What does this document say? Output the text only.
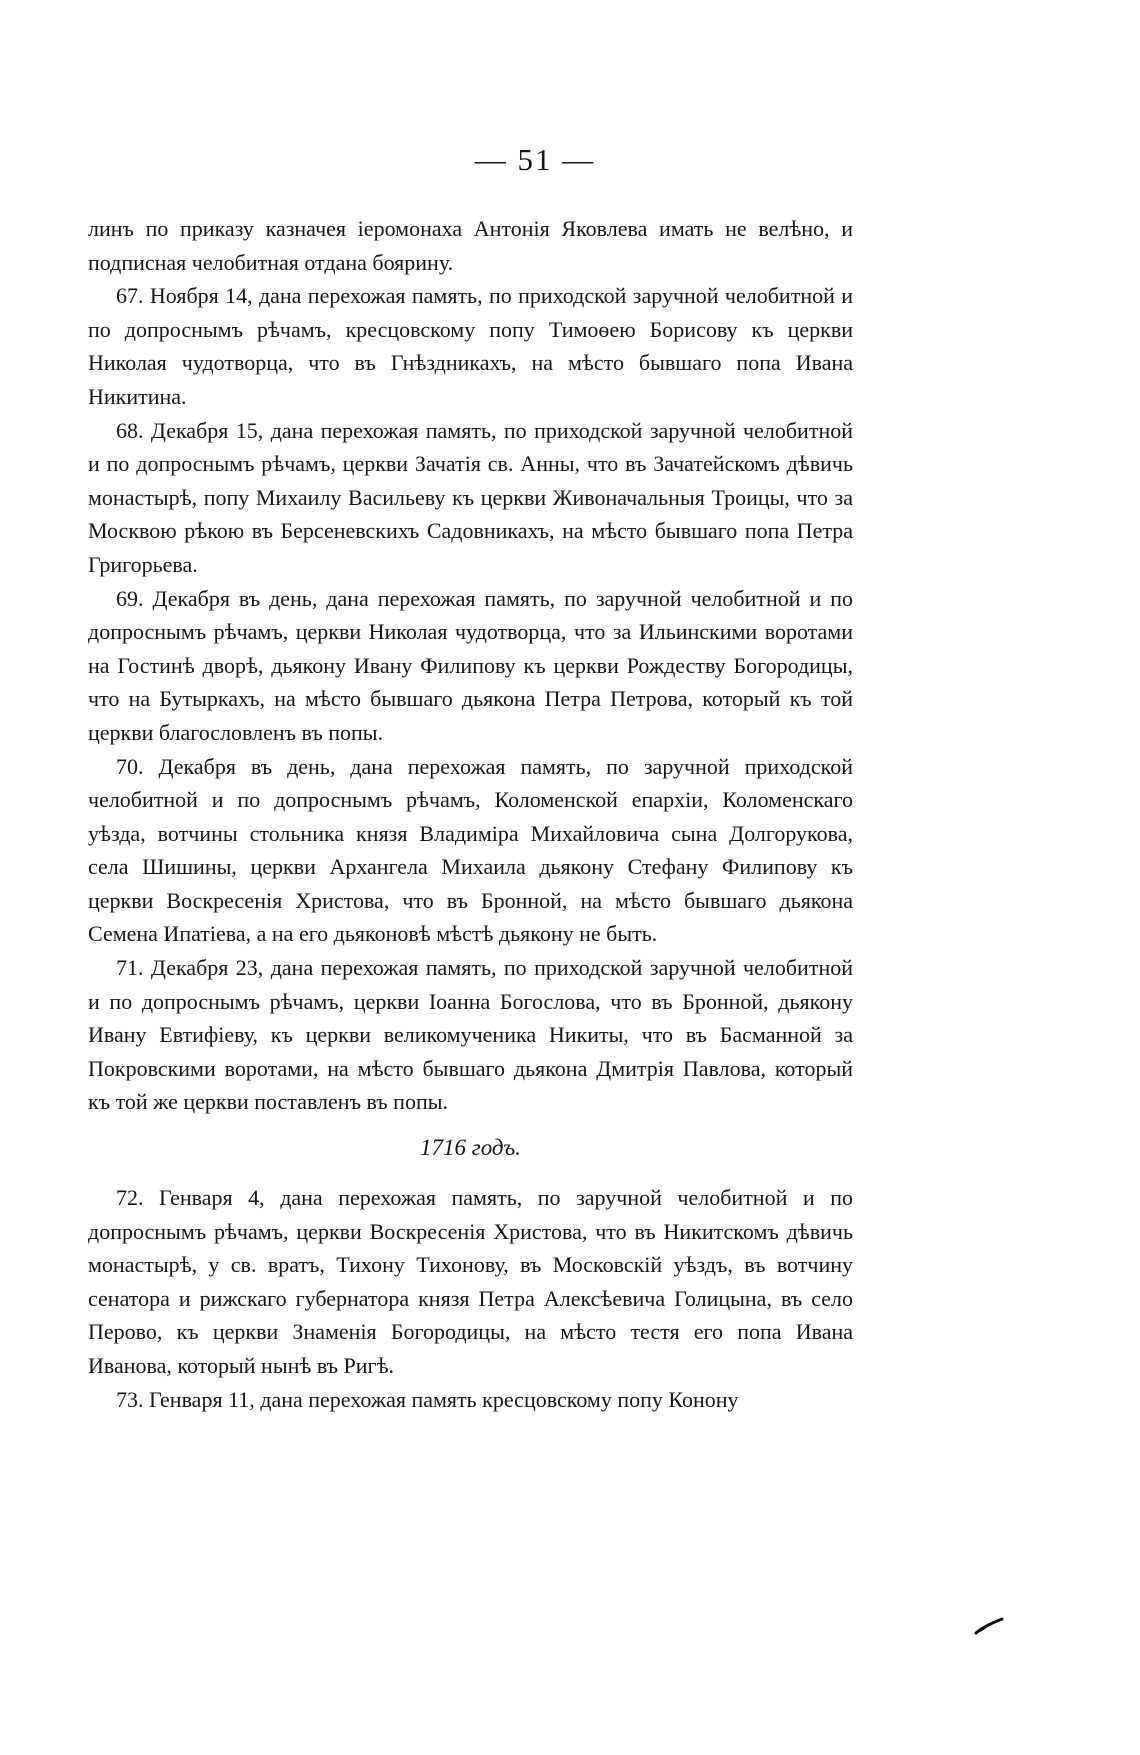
— 51 —

линъ по приказу казначея іеромонаха Антонія Яковлева имать не велѣно, и подписная челобитная отдана боярину.

67. Ноября 14, дана перехожая память, по приходской заручной челобитной и по допроснымъ рѣчамъ, кресцовскому попу Тимоѳею Борисову къ церкви Николая чудотворца, что въ Гнѣздникахъ, на мѣсто бывшаго попа Ивана Никитина.

68. Декабря 15, дана перехожая память, по приходской заручной челобитной и по допроснымъ рѣчамъ, церкви Зачатія св. Анны, что въ Зачатейскомъ дѣвичь монастырѣ, попу Михаилу Васильеву къ церкви Живоначальныя Троицы, что за Москвою рѣкою въ Берсеневскихъ Садовникахъ, на мѣсто бывшаго попа Петра Григорьева.

69. Декабря въ день, дана перехожая память, по заручной челобитной и по допроснымъ рѣчамъ, церкви Николая чудотворца, что за Ильинскими воротами на Гостинѣ дворѣ, дьякону Ивану Филипову къ церкви Рождеству Богородицы, что на Бутыркахъ, на мѣсто бывшаго дьякона Петра Петрова, который къ той церкви благословленъ въ попы.

70. Декабря въ день, дана перехожая память, по заручной приходской челобитной и по допроснымъ рѣчамъ, Коломенской епархіи, Коломенскаго уѣзда, вотчины стольника князя Владиміра Михайловича сына Долгорукова, села Шишины, церкви Архангела Михаила дьякону Стефану Филипову къ церкви Воскресенія Христова, что въ Бронной, на мѣсто бывшаго дьякона Семена Ипатіева, а на его дьяконовѣ мѣстѣ дьякону не быть.

71. Декабря 23, дана перехожая память, по приходской заручной челобитной и по допроснымъ рѣчамъ, церкви Іоанна Богослова, что въ Бронной, дьякону Ивану Евтифіеву, къ церкви великомученика Никиты, что въ Басманной за Покровскими воротами, на мѣсто бывшаго дьякона Дмитрія Павлова, который къ той же церкви поставленъ въ попы.

1716 годъ.

72. Генваря 4, дана перехожая память, по заручной челобитной и по допроснымъ рѣчамъ, церкви Воскресенія Христова, что въ Никитскомъ дѣвичь монастырѣ, у св. вратъ, Тихону Тихонову, въ Московскій уѣздъ, въ вотчину сенатора и рижскаго губернатора князя Петра Алексѣевича Голицына, въ село Перово, къ церкви Знаменія Богородицы, на мѣсто тестя его попа Ивана Иванова, который нынѣ въ Ригѣ.

73. Генваря 11, дана перехожая память кресцовскому попу Конону
